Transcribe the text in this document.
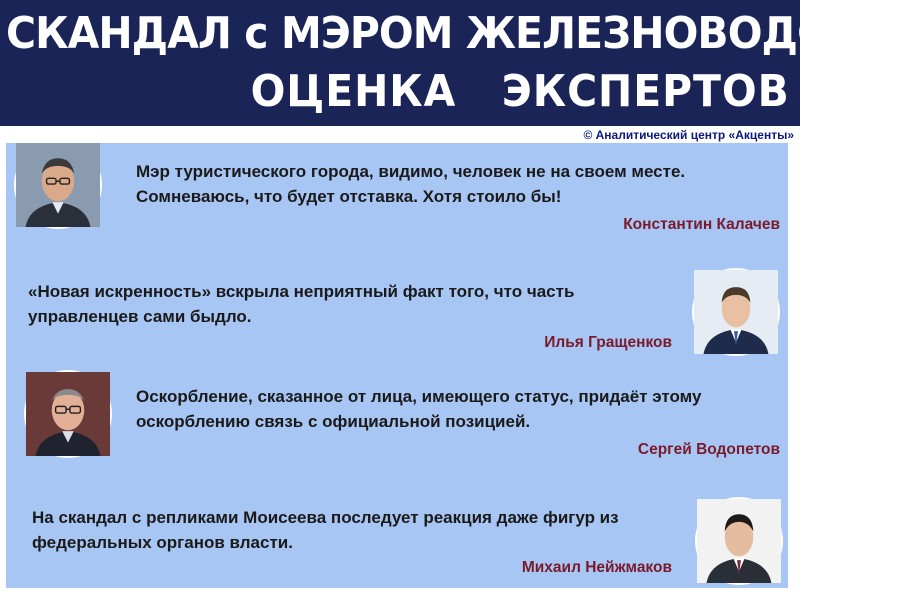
СКАНДАЛ с МЭРОМ ЖЕЛЕЗНОВОДСКА.
ОЦЕНКА   ЭКСПЕРТОВ
© Аналитический центр «Акценты»
Мэр туристического города, видимо, человек не на своем месте. Сомневаюсь, что будет отставка. Хотя стоило бы!
Константин Калачев
«Новая искренность» вскрыла неприятный факт того, что часть управленцев сами быдло.
Илья Гращенков
Оскорбление, сказанное от лица, имеющего статус, придаёт этому оскорблению связь с официальной позицией.
Сергей Водопетов
На скандал с репликами Моисеева последует реакция даже фигур из федеральных органов власти.
Михаил Нейжмаков
